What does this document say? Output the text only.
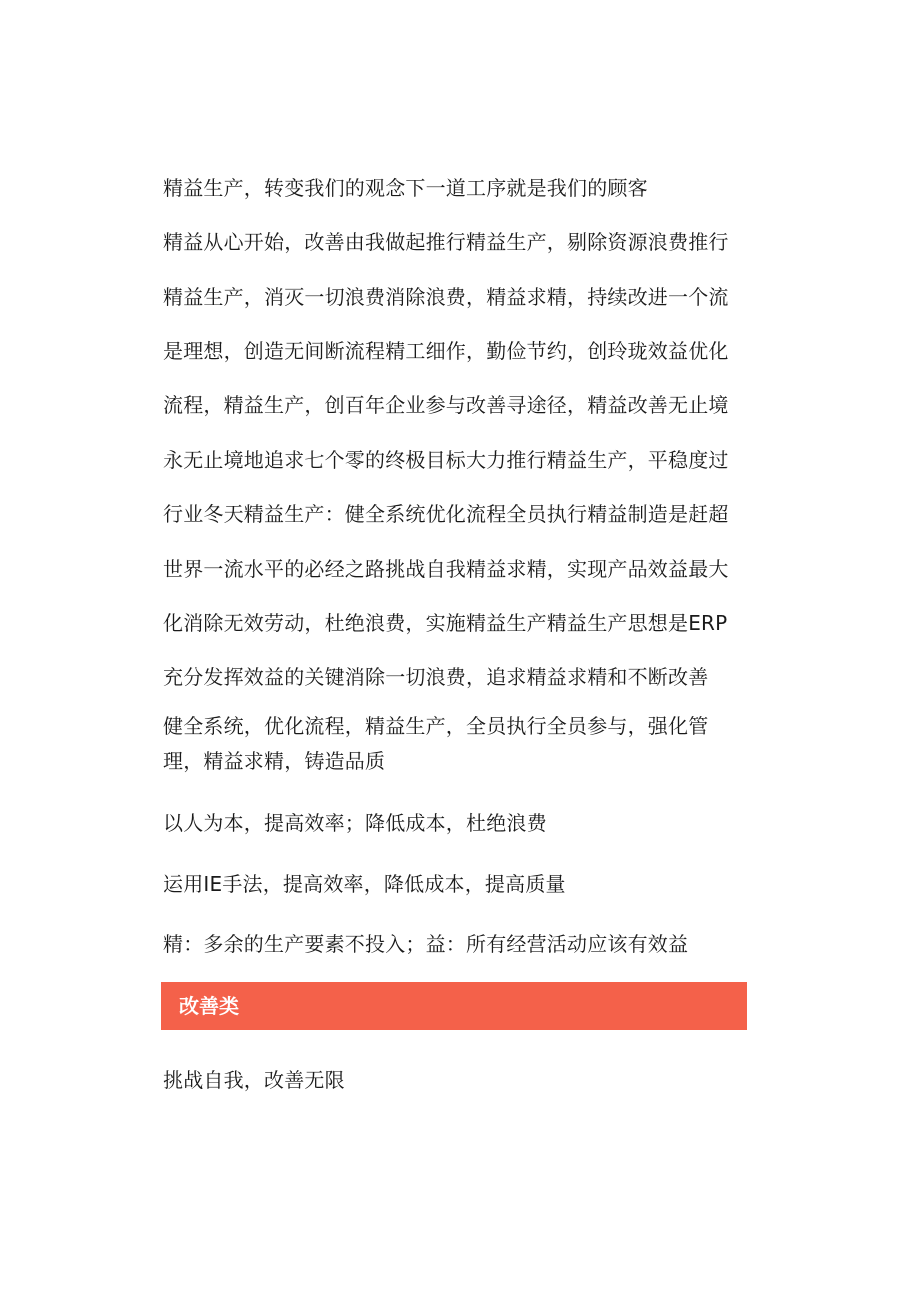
精益生产，转变我们的观念下一道工序就是我们的顾客
精益从心开始，改善由我做起推行精益生产，剔除资源浪费推行
精益生产，消灭一切浪费消除浪费，精益求精，持续改进一个流
是理想，创造无间断流程精工细作，勤俭节约，创玲珑效益优化
流程，精益生产，创百年企业参与改善寻途径，精益改善无止境
永无止境地追求七个零的终极目标大力推行精益生产，平稳度过
行业冬天精益生产：健全系统优化流程全员执行精益制造是赶超
世界一流水平的必经之路挑战自我精益求精，实现产品效益最大
化消除无效劳动，杜绝浪费，实施精益生产精益生产思想是ERP
充分发挥效益的关键消除一切浪费，追求精益求精和不断改善
健全系统，优化流程，精益生产，全员执行全员参与，强化管
理，精益求精，铸造品质
以人为本，提高效率；降低成本，杜绝浪费
运用IE手法，提高效率，降低成本，提高质量
精：多余的生产要素不投入；益：所有经营活动应该有效益
改善类
挑战自我，改善无限
